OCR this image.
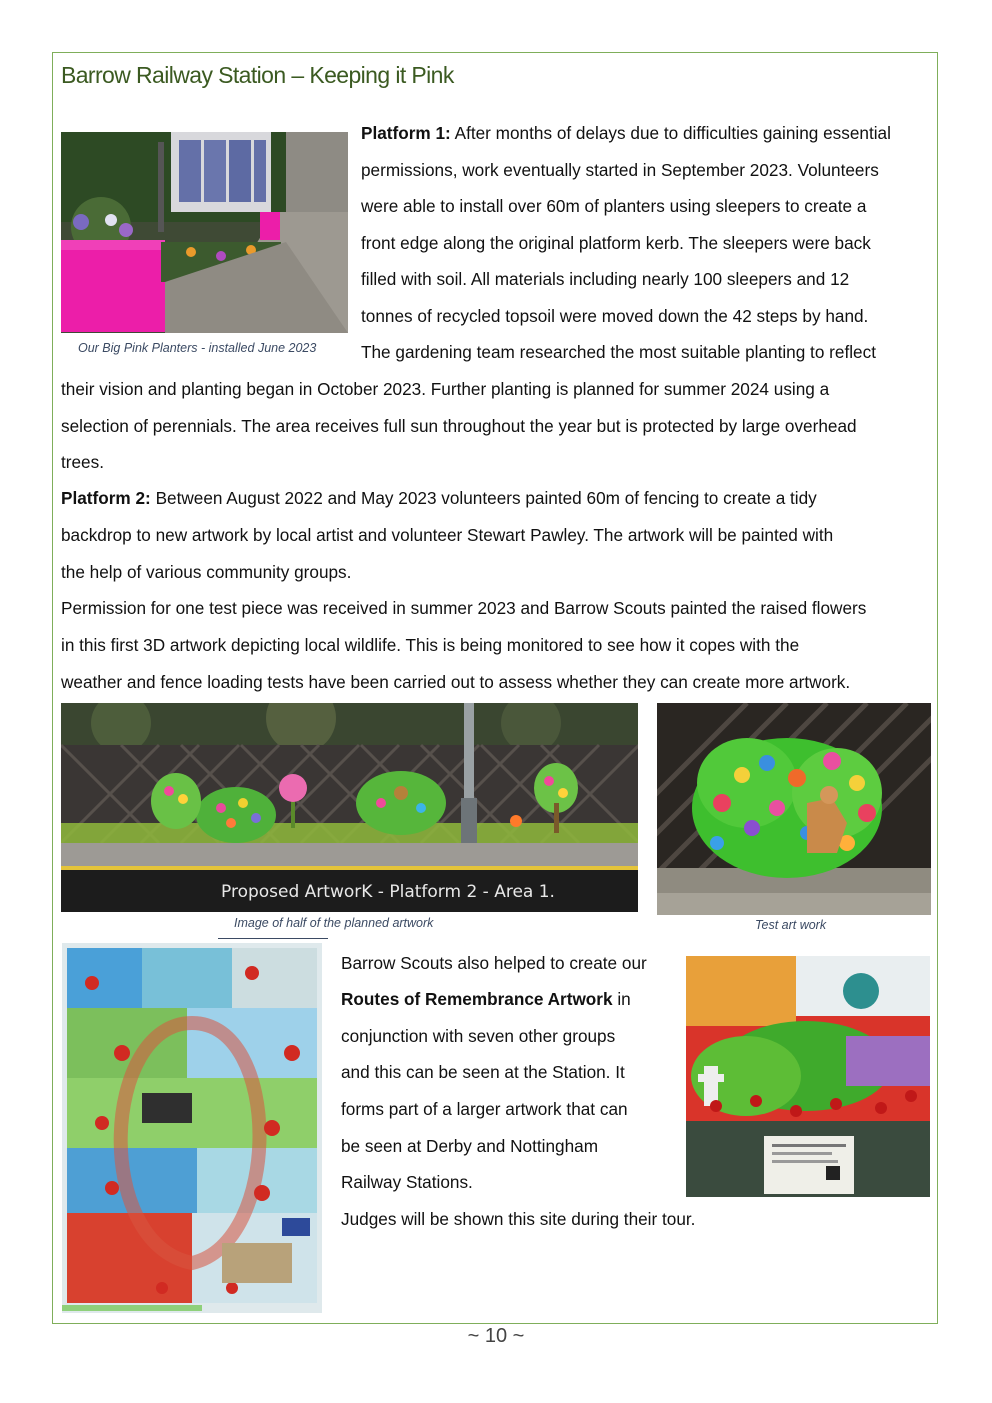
Barrow Railway Station – Keeping it Pink
Our Big Pink Planters - installed June 2023
Platform 1: After months of delays due to difficulties gaining essential
permissions, work eventually started in September 2023. Volunteers
were able to install over 60m of planters using sleepers to create a
front edge along the original platform kerb. The sleepers were back
filled with soil. All materials including nearly 100 sleepers and 12
tonnes of recycled topsoil were moved down the 42 steps by hand.
The gardening team researched the most suitable planting to reflect
their vision and planting began in October 2023. Further planting is planned for summer 2024 using a
selection of perennials. The area receives full sun throughout the year but is protected by large overhead
trees.
Platform 2: Between August 2022 and May 2023 volunteers painted 60m of fencing to create a tidy
backdrop to new artwork by local artist and volunteer Stewart Pawley. The artwork will be painted with
the help of various community groups.
Permission for one test piece was received in summer 2023 and Barrow Scouts painted the raised flowers
in this first 3D artwork depicting local wildlife. This is being monitored to see how it copes with the
weather and fence loading tests have been carried out to assess whether they can create more artwork.
Proposed ArtworK - Platform 2 - Area 1.
Image of half of the planned artwork	Test art work
Barrow Scouts also helped to create our
Routes of Remembrance Artwork in
conjunction with seven other groups
and this can be seen at the Station. It
forms part of a larger artwork that can
be seen at Derby and Nottingham
Railway Stations.
Judges will be shown this site during their tour.
~ 10 ~
